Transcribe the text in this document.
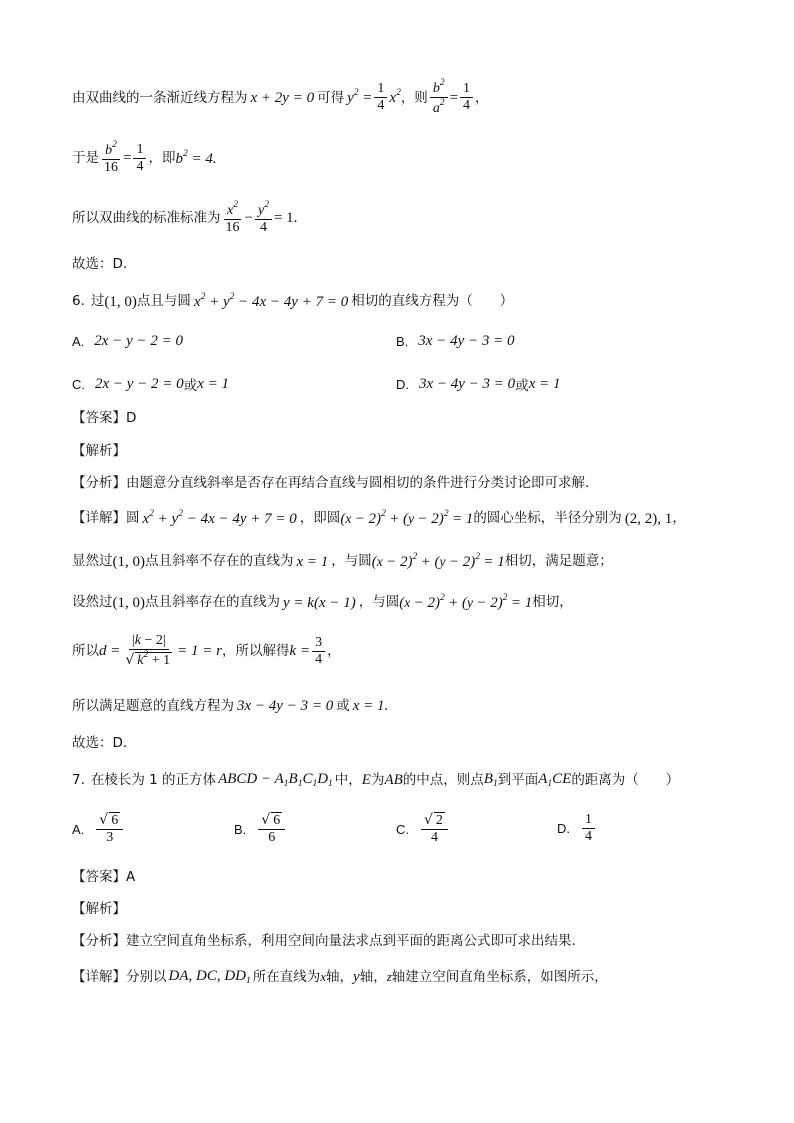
由双曲线的一条渐近线方程为 x + 2y = 0 可得 $y^2 = \frac{1}{4} x^2$ ，则 $\frac{b^2}{a^2} = \frac{1}{4}$ ，
于是 $\frac{b^2}{16} = \frac{1}{4}$ ，即 $b^2 = 4$.
所以双曲线的标准标准为 $\frac{x^2}{16} - \frac{y^2}{4} = 1$.
故选：D.
6. 过 (1, 0) 点且与圆 $x^2 + y^2 - 4x - 4y + 7 = 0$ 相切的直线方程为（　　）
A. 2x − y − 2 = 0	B. 3x − 4y − 3 = 0
C. 2x − y − 2 = 0 或 x = 1	D. 3x − 4y − 3 = 0 或 x = 1
【答案】 D
【解析】
【分析】 由题意分直线斜率是否存在再结合直线与圆相切的条件进行分类讨论即可求解.
【详解】 圆 $x^2 + y^2 - 4x - 4y + 7 = 0$ ，即圆 $(x - 2)^2 + (y - 2)^2 = 1$ 的圆心坐标，半径分别为 (2, 2), 1 ，
显然过 (1, 0) 点且斜率不存在的直线为 x = 1 ，与圆 $(x - 2)^2 + (y - 2)^2 = 1$ 相切，满足题意；
设然过 (1, 0) 点且斜率存在的直线为 y = k(x − 1) ，与圆 $(x - 2)^2 + (y - 2)^2 = 1$ 相切，
所以 $d = \frac{|k - 2|}{√ k^2 + 1} = 1 = r$ ，所以解得 $k = \frac{3}{4}$ ，
所以满足题意的直线方程为 3x − 4y − 3 = 0 或 x = 1.
故选：D.
7. 在棱长为 1 的正方体 ABCD − $A_1B_1C_1D_1$ 中， E 为 AB 的中点，则点 $B_1$ 到平面 $A_1CE$ 的距离为（　　）
A. $\frac{√ 6}{3}$	B. $\frac{√ 6}{6}$	C. $\frac{√ 2}{4}$	D. $\frac{1}{4}$
【答案】 A
【解析】
【分析】 建立空间直角坐标系，利用空间向量法求点到平面的距离公式即可求出结果.
【详解】 分别以 DA, DC, $DD_1$ 所在直线为 x 轴， y 轴， z 轴建立空间直角坐标系，如图所示，
